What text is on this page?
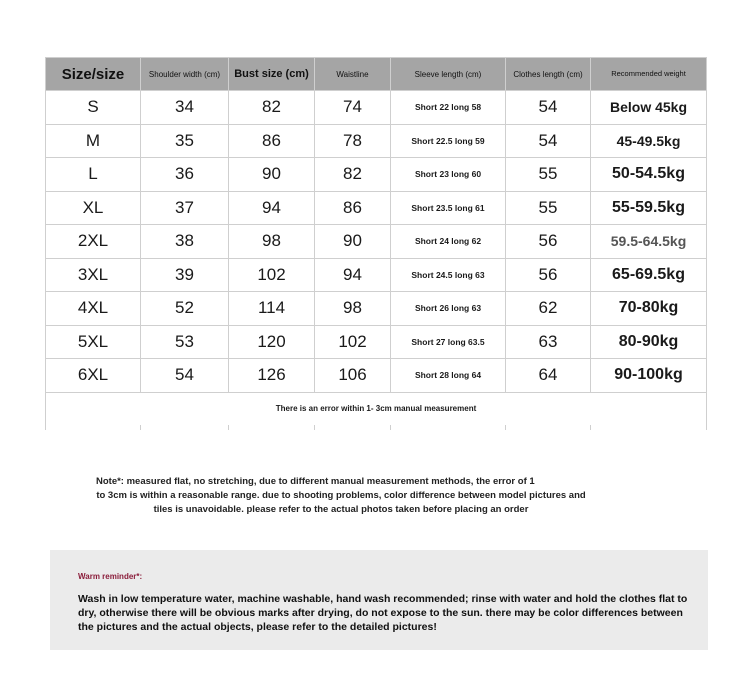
Size/size	Shoulder width (cm)	Bust size (cm)	Waistline	Sleeve length (cm)	Clothes length (cm)	Recommended weight
S	34	82	74	Short 22 long 58	54	Below 45kg
M	35	86	78	Short 22.5 long 59	54	45-49.5kg
L	36	90	82	Short 23 long 60	55	50-54.5kg
XL	37	94	86	Short 23.5 long 61	55	55-59.5kg
2XL	38	98	90	Short 24 long 62	56	59.5-64.5kg
3XL	39	102	94	Short 24.5 long 63	56	65-69.5kg
4XL	52	114	98	Short 26 long 63	62	70-80kg
5XL	53	120	102	Short 27 long 63.5	63	80-90kg
6XL	54	126	106	Short 28 long 64	64	90-100kg
There is an error within 1- 3cm manual measurement						

Note*: measured flat, no stretching, due to different manual measurement methods, the error of 1
to 3cm is within a reasonable range. due to shooting problems, color difference between model pictures and tiles is unavoidable. please refer to the actual photos taken before placing an order
Warm reminder*:
Wash in low temperature water, machine washable, hand wash recommended; rinse with water and hold the clothes flat to dry, otherwise there will be obvious marks after drying, do not expose to the sun. there may be color differences between the pictures and the actual objects, please refer to the detailed pictures!
